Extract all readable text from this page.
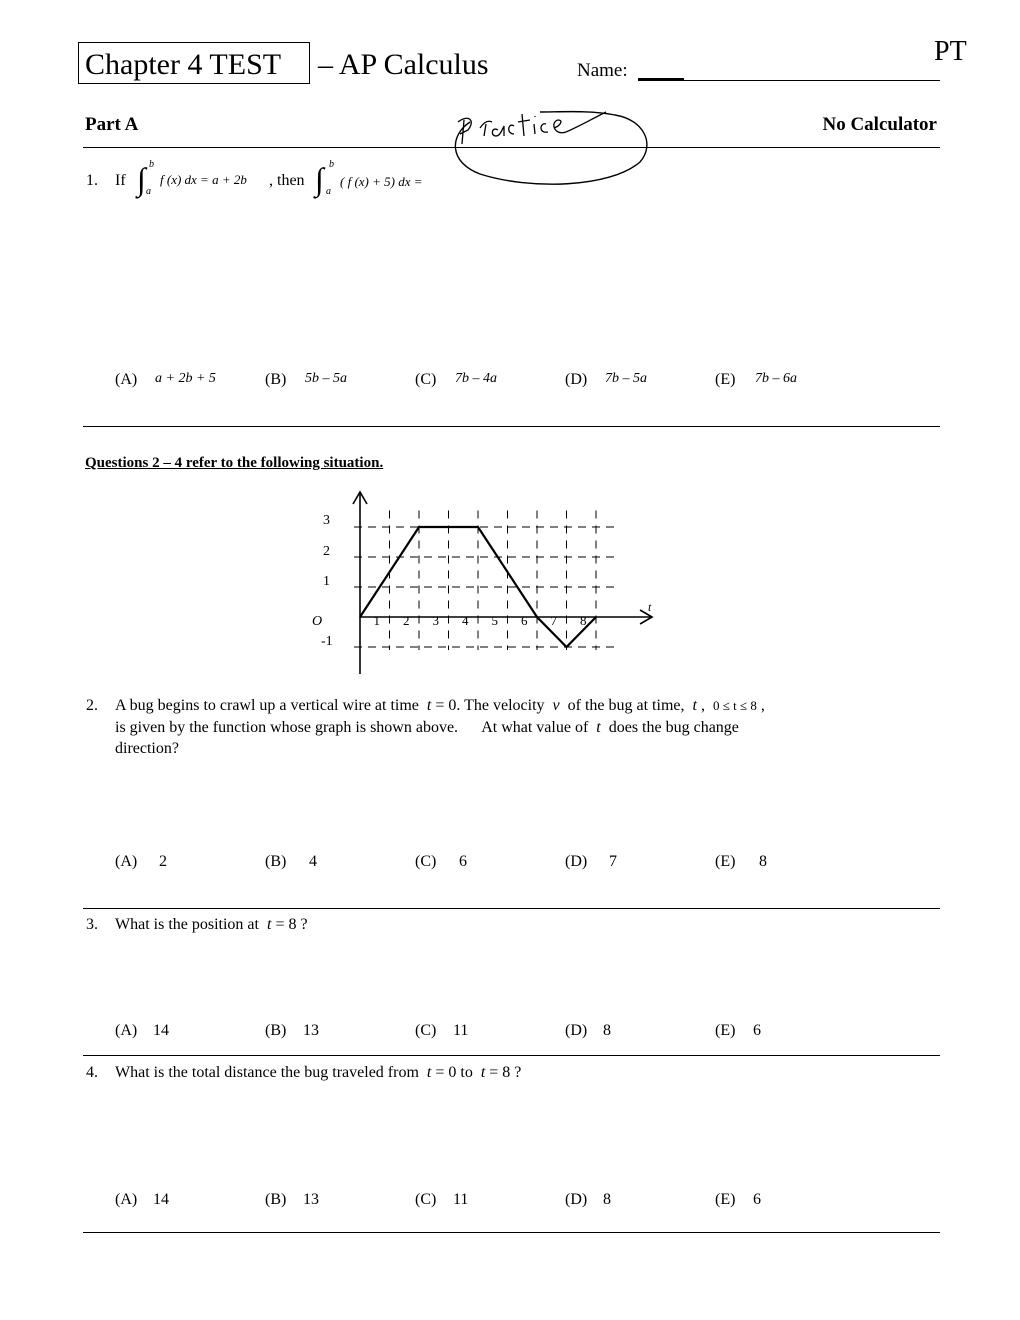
Chapter 4 TEST – AP Calculus	Name:
PT
Part A	No Calculator
1. If ∫ b
a
f (x) dx = a + 2b , then ∫ b
a
( f (x) + 5) dx =
(A) a + 2b + 5	(B) 5b – 5a	(C) 7b – 4a	(D) 7b – 5a	(E) 7b – 6a
Questions 2 – 4 refer to the following situation.
t
O	1 2 3 4 5 6 7 8
3
2
1
-1
2. A bug begins to crawl up a vertical wire at time t = 0. The velocity v of the bug at time, t , 0 ≤ t ≤ 8 ,
is given by the function whose graph is shown above. At what value of t does the bug change
direction?
(A) 2	(B) 4	(C) 6	(D) 7	(E) 8
3. What is the position at t = 8 ?
(A) 14	(B) 13	(C) 11	(D) 8	(E) 6
4. What is the total distance the bug traveled from t = 0 to t = 8 ?
(A) 14	(B) 13	(C) 11	(D) 8	(E) 6
